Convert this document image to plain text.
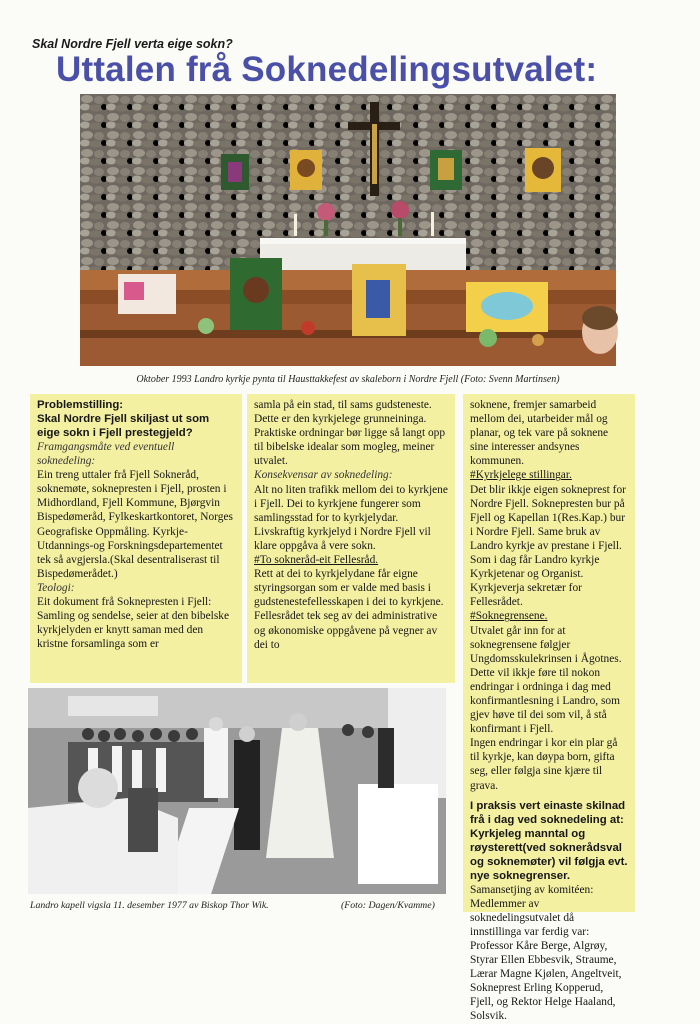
Skal Nordre Fjell verta eige sokn?
Uttalen frå Soknedelingsutvalet:
Oktober 1993 Landro kyrkje pynta til Hausttakkefest av skaleborn i Nordre Fjell (Foto: Svenn Martinsen)

Problemstilling:

Skal Nordre Fjell skiljast ut som eige sokn i Fjell prestegjeld?

Framgangsmåte ved eventuell soknedeling:

Ein treng uttaler frå Fjell Sokneråd, soknemøte, soknepresten i Fjell, prosten i Midhordland, Fjell Kommune, Bjørgvin Bispedømeråd, Fylkeskartkontoret, Norges Geografiske Oppmåling. Kyrkje-Utdannings-og Forskningsdepartementet tek så avgjersla.(Skal desentraliserast til Bispedømerådet.)

Teologi:

Eit dokument frå Soknepresten i Fjell: Samling og sendelse, seier at den bibelske kyrkjelyden er knytt saman med den kristne forsamlinga som er

samla på ein stad, til sams gudsteneste. Dette er den kyrkjelege grunneininga. Praktiske ordningar bør ligge så langt opp til bibelske idealar som mogleg, meiner utvalet.

Konsekvensar av soknedeling:

Alt no liten trafikk mellom dei to kyrkjene i Fjell. Dei to kyrkjene fungerer som samlingsstad for to kyrkjelydar. Livskraftig kyrkjelyd i Nordre Fjell vil klare oppgåva å vere sokn.

#To sokneråd-eit Fellesråd.

Rett at dei to kyrkjelydane får eigne styringsorgan som er valde med basis i gudstenestefellesskapen i dei to kyrkjene.

Fellesrådet tek seg av dei administrative og økonomiske oppgåvene på vegner av dei to

soknene, fremjer samarbeid mellom dei, utarbeider mål og planar, og tek vare på soknene sine interesser andsynes kommunen.

#Kyrkjelege stillingar.

Det blir ikkje eigen sokneprest for Nordre Fjell. Soknepresten bur på Fjell og Kapellan 1(Res.Kap.) bur i Nordre Fjell. Same bruk av Landro kyrkje av prestane i Fjell. Som i dag får Landro kyrkje Kyrkjetenar og Organist. Kyrkjeverja sekretær for Fellesrådet.

#Soknegrensene.

Utvalet går inn for at soknegrensene følgjer Ungdomsskulekrinsen i Ågotnes. Dette vil ikkje føre til nokon endringar i ordninga i dag med konfirmantlesning i Landro, som gjev høve til dei som vil, å stå konfirmant i Fjell.

Ingen endringar i kor ein plar gå til kyrkje, kan døypa born, gifta seg, eller følgja sine kjære til grava.

I praksis vert einaste skilnad frå i dag ved soknedeling at: Kyrkjeleg manntal og røysterett(ved soknerådsval og soknemøter) vil følgja evt. nye soknegrenser.

Samansetjing av komitéen: Medlemmer av soknedelingsutvalet då innstillinga var ferdig var: Professor Kåre Berge, Algrøy, Styrar Ellen Ebbesvik, Straume, Lærar Magne Kjølen, Angeltveit, Sokneprest Erling Kopperud, Fjell, og Rektor Helge Haaland, Solsvik.

Landro kapell vigsla 11. desember 1977 av Biskop Thor Wik.	(Foto: Dagen/Kvamme)
